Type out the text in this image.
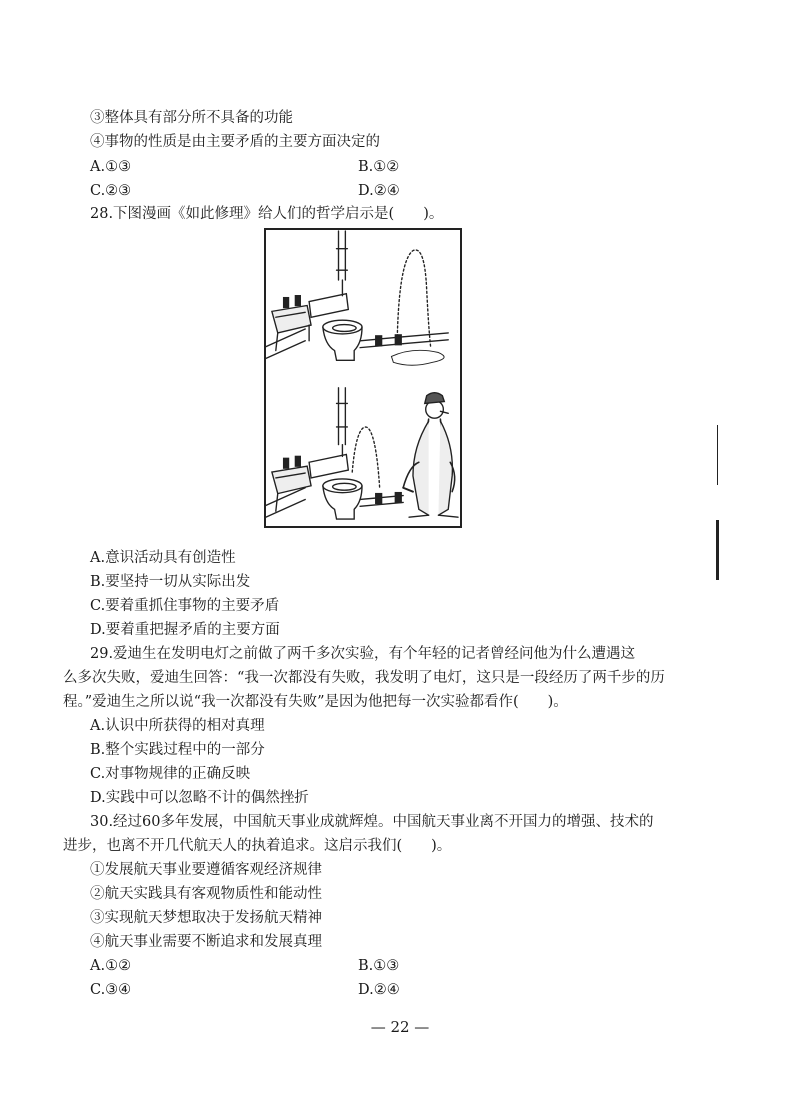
③整体具有部分所不具备的功能
④事物的性质是由主要矛盾的主要方面决定的
A.①③	B.①②
C.②③	D.②④
28.下图漫画《如此修理》给人们的哲学启示是(　　)。
A.意识活动具有创造性
B.要坚持一切从实际出发
C.要着重抓住事物的主要矛盾
D.要着重把握矛盾的主要方面
29.爱迪生在发明电灯之前做了两千多次实验，有个年轻的记者曾经问他为什么遭遇这
么多次失败，爱迪生回答：“我一次都没有失败，我发明了电灯，这只是一段经历了两千步的历
程。”爱迪生之所以说“我一次都没有失败”是因为他把每一次实验都看作(　　)。
A.认识中所获得的相对真理
B.整个实践过程中的一部分
C.对事物规律的正确反映
D.实践中可以忽略不计的偶然挫折
30.经过60多年发展，中国航天事业成就辉煌。中国航天事业离不开国力的增强、技术的
进步，也离不开几代航天人的执着追求。这启示我们(　　)。
①发展航天事业要遵循客观经济规律
②航天实践具有客观物质性和能动性
③实现航天梦想取决于发扬航天精神
④航天事业需要不断追求和发展真理
A.①②	B.①③
C.③④	D.②④
— 22 —
